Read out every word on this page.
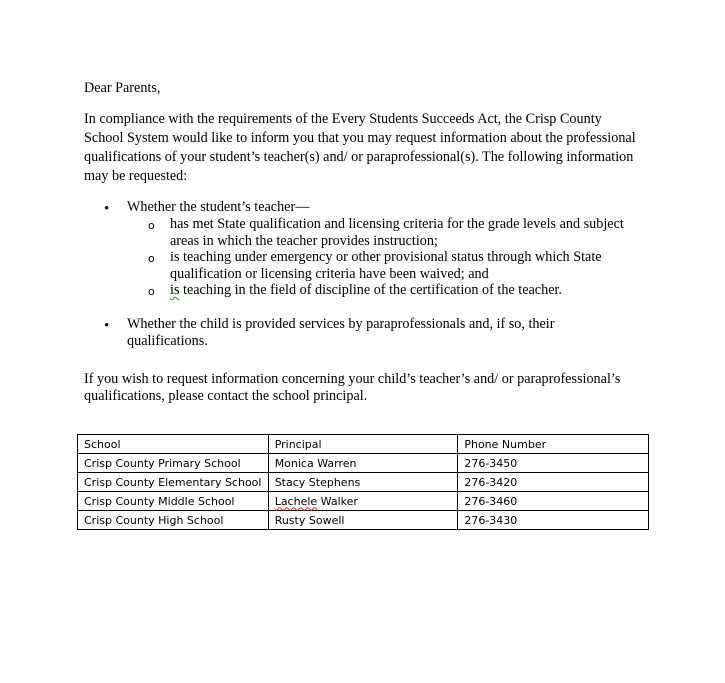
Dear Parents,
In compliance with the requirements of the Every Students Succeeds Act, the Crisp County
School System would like to inform you that you may request information about the professional
qualifications of your student’s teacher(s) and/ or paraprofessional(s). The following information
may be requested:
• Whether the student’s teacher—
o has met State qualification and licensing criteria for the grade levels and subject
areas in which the teacher provides instruction;
o is teaching under emergency or other provisional status through which State
qualification or licensing criteria have been waived; and
o is teaching in the field of discipline of the certification of the teacher.
• Whether the child is provided services by paraprofessionals and, if so, their
qualifications.
If you wish to request information concerning your child’s teacher’s and/ or paraprofessional’s
qualifications, please contact the school principal.
School	Principal	Phone Number
Crisp County Primary School	Monica Warren	276-3450
Crisp County Elementary School	Stacy Stephens	276-3420
Crisp County Middle School	Lachele Walker	276-3460
Crisp County High School	Rusty Sowell	276-3430
